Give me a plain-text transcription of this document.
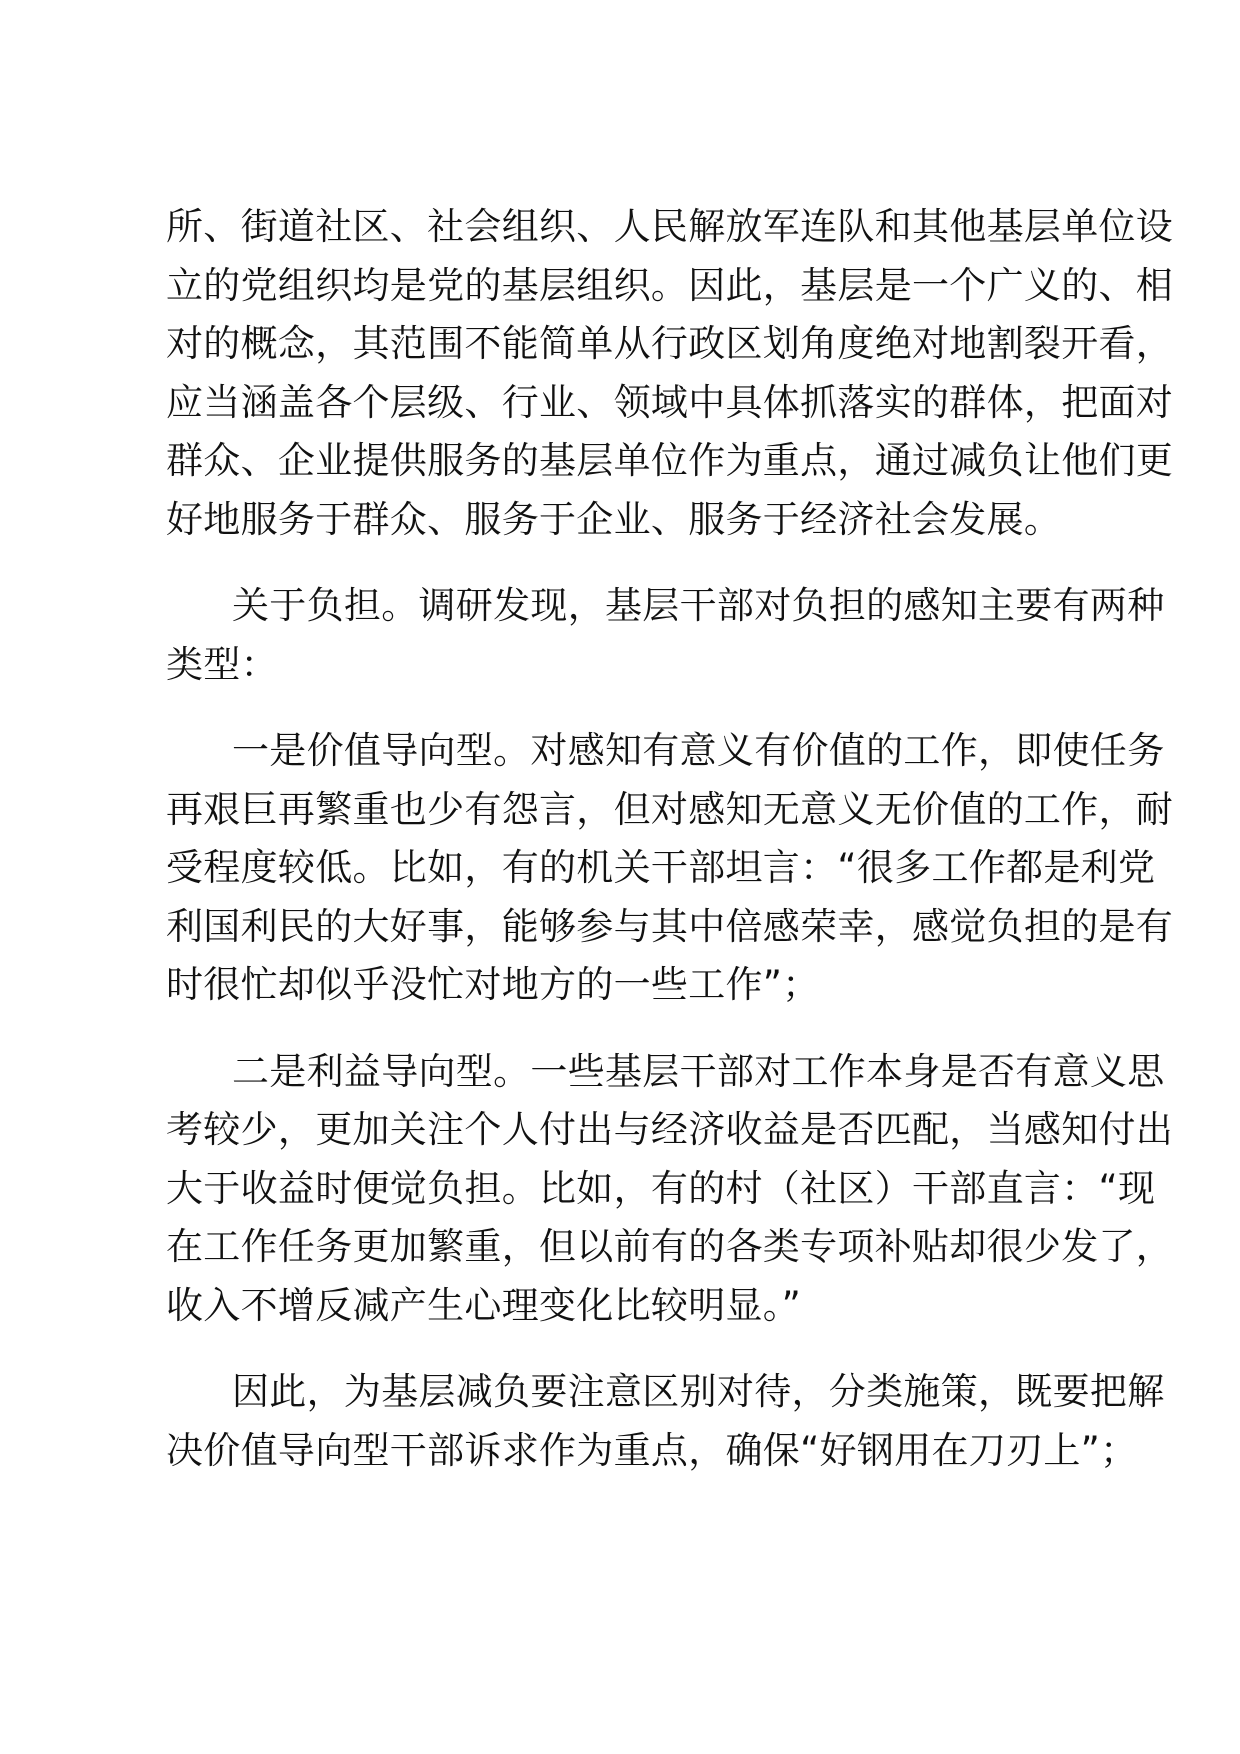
所、街道社区、社会组织、人民解放军连队和其他基层单位设
立的党组织均是党的基层组织。因此，基层是一个广义的、相
对的概念，其范围不能简单从行政区划角度绝对地割裂开看，
应当涵盖各个层级、行业、领域中具体抓落实的群体，把面对
群众、企业提供服务的基层单位作为重点，通过减负让他们更
好地服务于群众、服务于企业、服务于经济社会发展。
关于负担。调研发现，基层干部对负担的感知主要有两种
类型：
一是价值导向型。对感知有意义有价值的工作，即使任务
再艰巨再繁重也少有怨言，但对感知无意义无价值的工作，耐
受程度较低。比如，有的机关干部坦言：“很多工作都是利党
利国利民的大好事，能够参与其中倍感荣幸，感觉负担的是有
时很忙却似乎没忙对地方的一些工作”；
二是利益导向型。一些基层干部对工作本身是否有意义思
考较少，更加关注个人付出与经济收益是否匹配，当感知付出
大于收益时便觉负担。比如，有的村（社区）干部直言：“现
在工作任务更加繁重，但以前有的各类专项补贴却很少发了，
收入不增反减产生心理变化比较明显。”
因此，为基层减负要注意区别对待，分类施策，既要把解
决价值导向型干部诉求作为重点，确保“好钢用在刀刃上”；
